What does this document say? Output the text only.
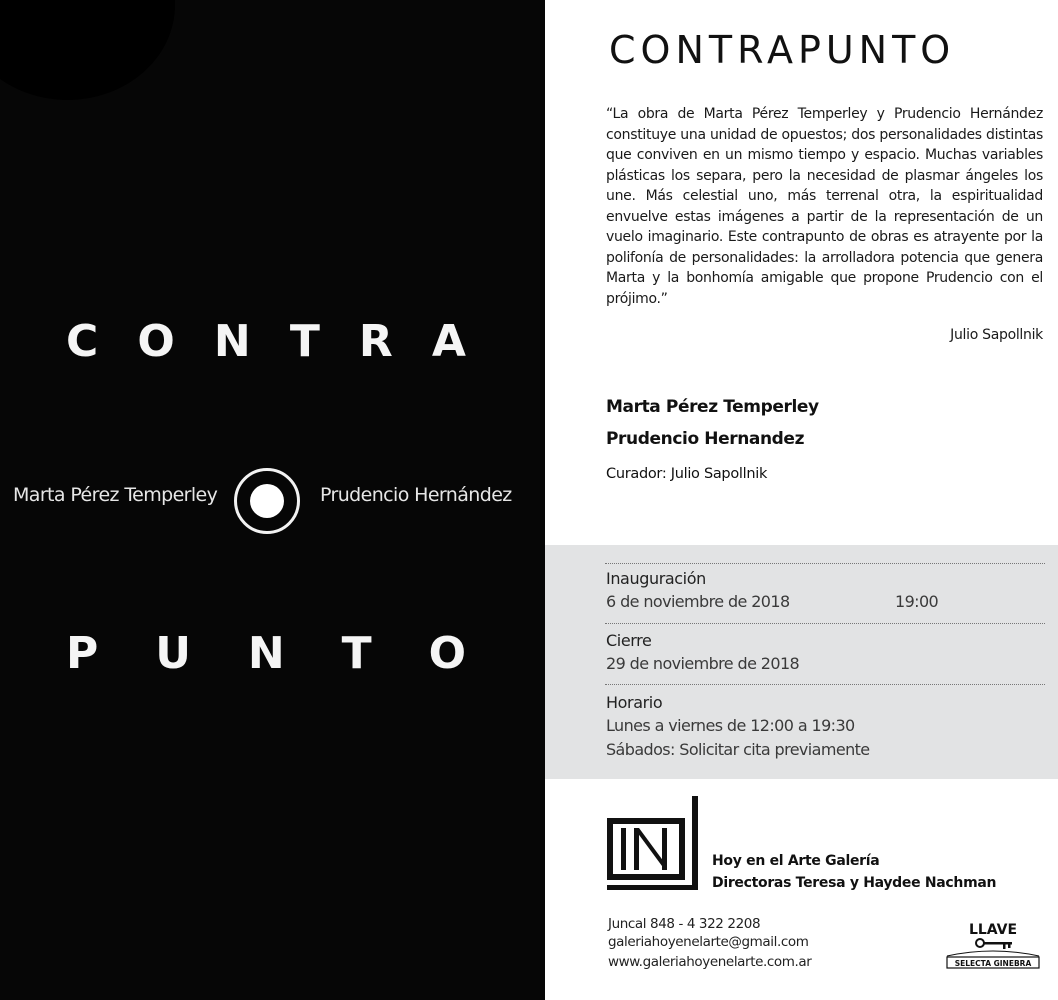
C O N T R A
Marta Pérez Temperley	Prudencio Hernández
P U N T O
CONTRAPUNTO

“La obra de Marta Pérez Temperley y Prudencio Hernández constituye una unidad de opuestos; dos personalidades distintas que conviven en un mismo tiempo y espacio. Muchas variables plásticas los separa, pero la necesidad de plasmar ángeles los une. Más celestial uno, más terrenal otra, la espiritualidad envuelve estas imágenes a partir de la representación de un vuelo imaginario. Este contrapunto de obras es atrayente por la polifonía de personalidades: la arrolladora potencia que genera Marta y la bonhomía amigable que propone Prudencio con el prójimo.”

Julio Sapollnik
Marta Pérez Temperley
Prudencio Hernandez
Curador: Julio Sapollnik
Inauguración
6 de noviembre de 2018	19:00
Cierre
29 de noviembre de 2018
Horario
Lunes a viernes de 12:00 a 19:30
Sábados: Solicitar cita previamente
Hoy en el Arte Galería
Directoras Teresa y Haydee Nachman
Juncal 848 - 4 322 2208
galeriahoyenelarte@gmail.com
www.galeriahoyenelarte.com.ar
LLAVE
SELECTA GINEBRA
